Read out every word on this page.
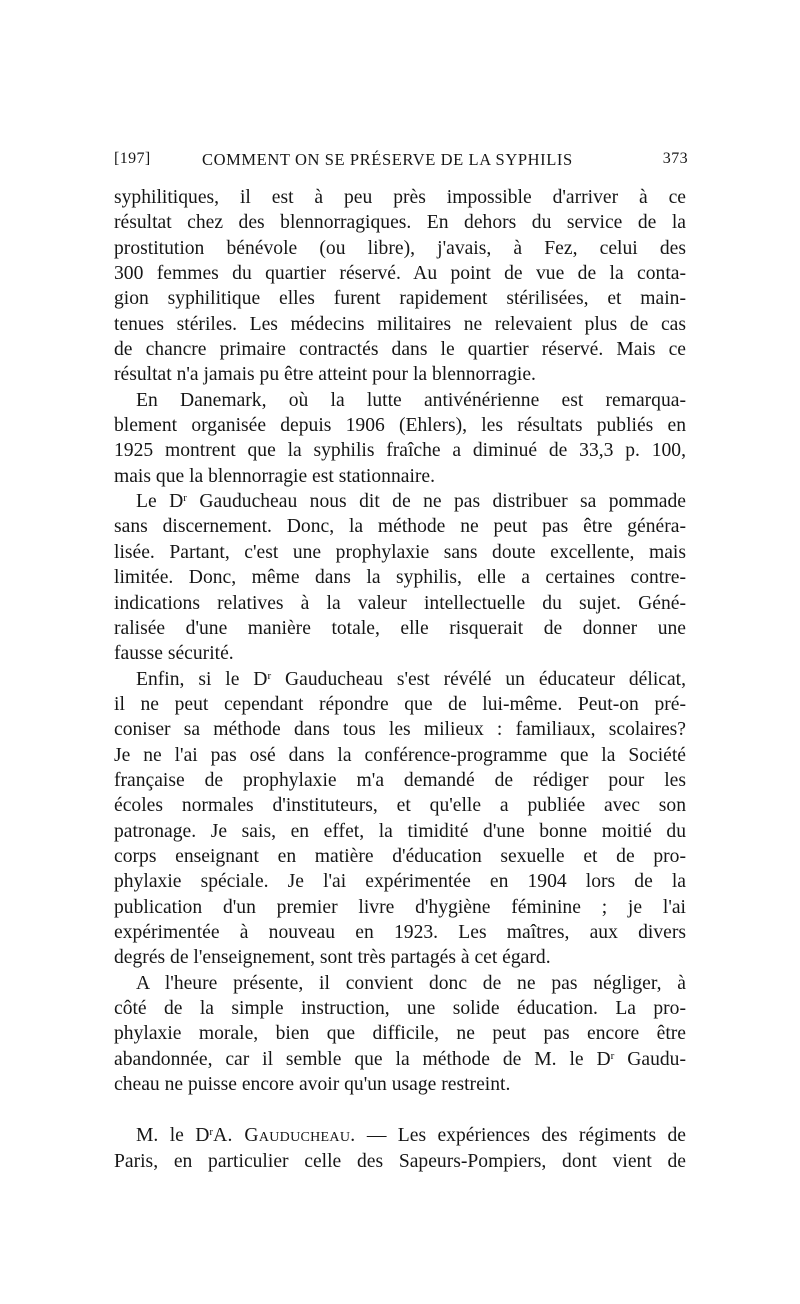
[197]	COMMENT ON SE PRÉSERVE DE LA SYPHILIS	373
syphilitiques, il est à peu près impossible d'arriver à ce
résultat chez des blennorragiques. En dehors du service de la
prostitution bénévole (ou libre), j'avais, à Fez, celui des
300 femmes du quartier réservé. Au point de vue de la conta-
gion syphilitique elles furent rapidement stérilisées, et main-
tenues stériles. Les médecins militaires ne relevaient plus de cas
de chancre primaire contractés dans le quartier réservé. Mais ce
résultat n'a jamais pu être atteint pour la blennorragie.
En Danemark, où la lutte antivénérienne est remarqua-
blement organisée depuis 1906 (Ehlers), les résultats publiés en
1925 montrent que la syphilis fraîche a diminué de 33,3 p. 100,
mais que la blennorragie est stationnaire.
Le $D^r$ Gauducheau nous dit de ne pas distribuer sa pommade
sans discernement. Donc, la méthode ne peut pas être généra-
lisée. Partant, c'est une prophylaxie sans doute excellente, mais
limitée. Donc, même dans la syphilis, elle a certaines contre-
indications relatives à la valeur intellectuelle du sujet. Géné-
ralisée d'une manière totale, elle risquerait de donner une
fausse sécurité.
Enfin, si le $D^r$ Gauducheau s'est révélé un éducateur délicat,
il ne peut cependant répondre que de lui-même. Peut-on pré-
coniser sa méthode dans tous les milieux : familiaux, scolaires?
Je ne l'ai pas osé dans la conférence-programme que la Société
française de prophylaxie m'a demandé de rédiger pour les
écoles normales d'instituteurs, et qu'elle a publiée avec son
patronage. Je sais, en effet, la timidité d'une bonne moitié du
corps enseignant en matière d'éducation sexuelle et de pro-
phylaxie spéciale. Je l'ai expérimentée en 1904 lors de la
publication d'un premier livre d'hygiène féminine ; je l'ai
expérimentée à nouveau en 1923. Les maîtres, aux divers
degrés de l'enseignement, sont très partagés à cet égard.
A l'heure présente, il convient donc de ne pas négliger, à
côté de la simple instruction, une solide éducation. La pro-
phylaxie morale, bien que difficile, ne peut pas encore être
abandonnée, car il semble que la méthode de M. le $D^r$ Gaudu-
cheau ne puisse encore avoir qu'un usage restreint.
M. le $D^rA$. Gauducheau. — Les expériences des régiments de
Paris, en particulier celle des Sapeurs-Pompiers, dont vient de
